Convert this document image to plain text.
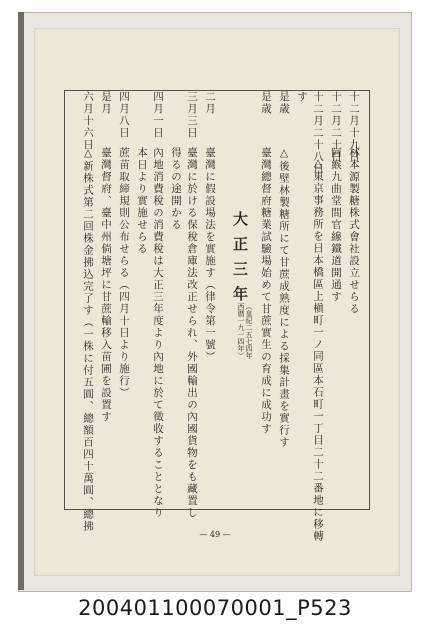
十二月十九日
林本源製糖株式會社設立せらる
十二月二十日
阿緱九曲堂間官線鐵道開通す
十二月二十八日
△東京事務所を日本橋區上槇町一ノ同區本石町一丁目二十二番地に移轉
す
是歳
△後壁林製糖所にて甘蔗成熟度による採集計畫を實行す
是歳
臺灣總督府糖業試驗場始めて甘蔗實生の育成に成功す
大正三年
（皇紀二五七四年 西暦一九一四年）
二月
臺灣に假設場法を實施す（律令第一號）
三月三日
臺灣に於ける保稅倉庫法改正せられ、外國輸出の內國貨物をも藏置し
得るの途開かる
四月一日
內地消費稅の消費稅は大正三年度より內地に於て徵收することとなり
本日より實施せらる
四月八日
蔗苗取締規則公布せらる（四月十日より施行）
是月
臺灣督府、臺中州倘塘坪に甘蔗輸移入苗圃を設置す
六月十六日
△新株式第二回株金拂込完了す（一株に付五圓、總額百四十萬圓、總拂
— 49 —
200401100070001_P523
